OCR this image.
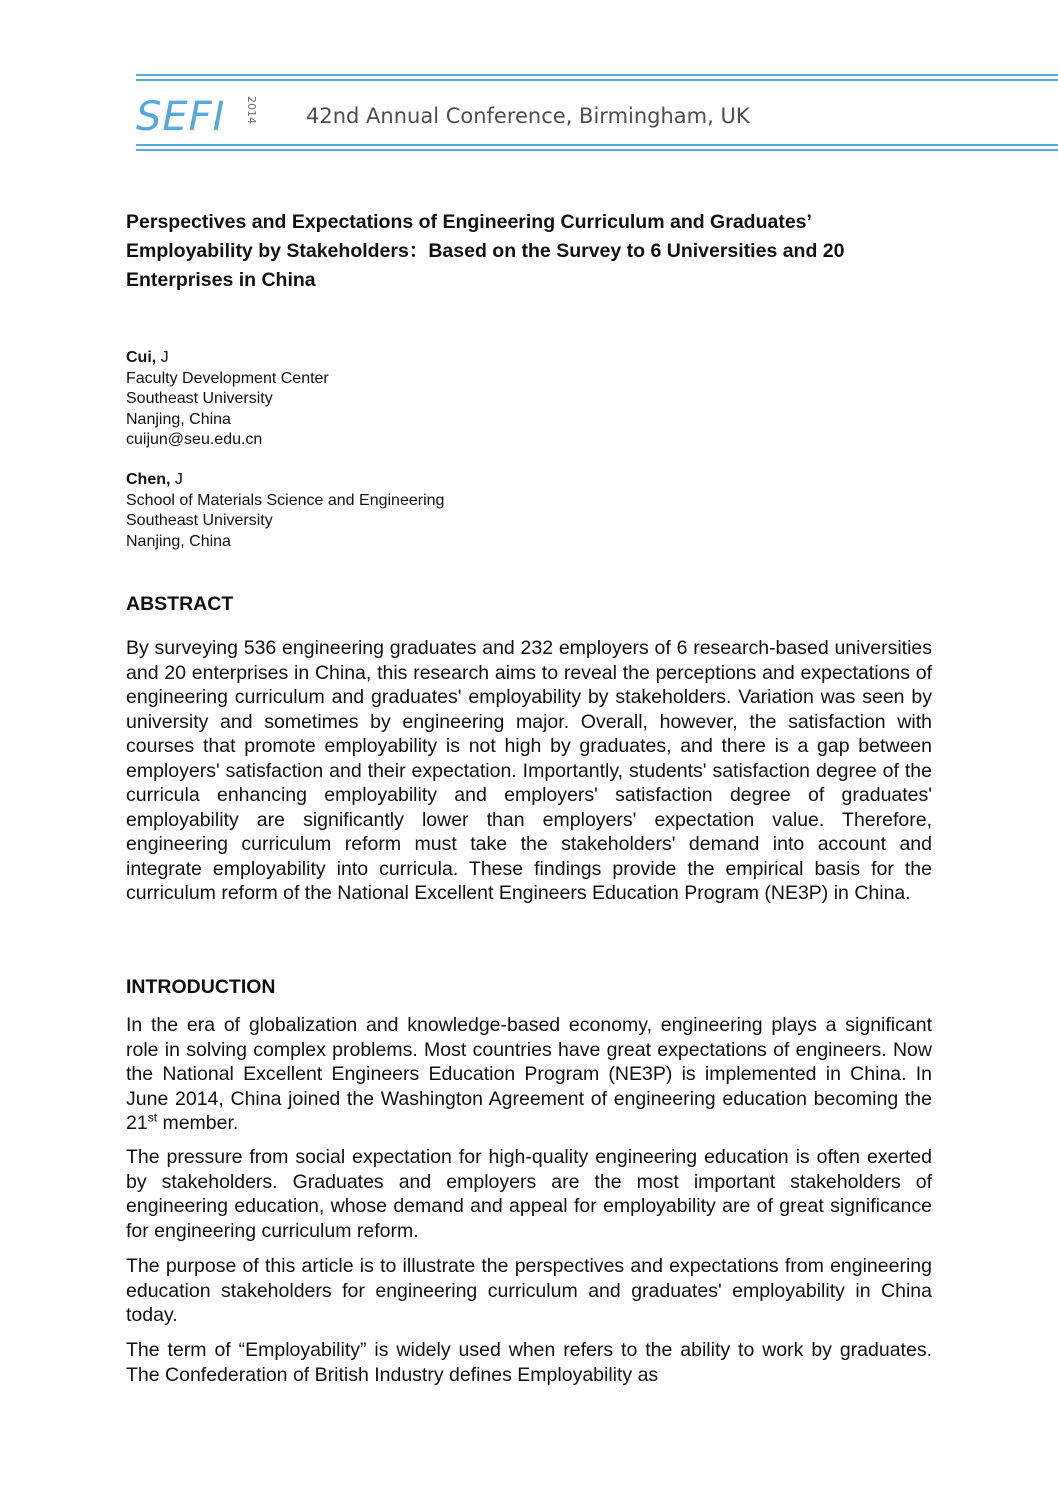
SEFI 2014 42nd Annual Conference, Birmingham, UK
Perspectives and Expectations of Engineering Curriculum and Graduates’
Employability by Stakeholders：Based on the Survey to 6 Universities and 20
Enterprises in China
Cui, J
Faculty Development Center
Southeast University
Nanjing, China
cuijun@seu.edu.cn
Chen, J
School of Materials Science and Engineering
Southeast University
Nanjing, China
ABSTRACT

By surveying 536 engineering graduates and 232 employers of 6 research-based universities and 20 enterprises in China, this research aims to reveal the perceptions and expectations of engineering curriculum and graduates' employability by stakeholders. Variation was seen by university and sometimes by engineering major. Overall, however, the satisfaction with courses that promote employability is not high by graduates, and there is a gap between employers' satisfaction and their expectation. Importantly, students' satisfaction degree of the curricula enhancing employability and employers' satisfaction degree of graduates' employability are significantly lower than employers' expectation value. Therefore, engineering curriculum reform must take the stakeholders' demand into account and integrate employability into curricula. These findings provide the empirical basis for the curriculum reform of the National Excellent Engineers Education Program (NE3P) in China.

INTRODUCTION

In the era of globalization and knowledge-based economy, engineering plays a significant role in solving complex problems. Most countries have great expectations of engineers. Now the National Excellent Engineers Education Program (NE3P) is implemented in China. In June 2014, China joined the Washington Agreement of engineering education becoming the 21st member.

The pressure from social expectation for high-quality engineering education is often exerted by stakeholders. Graduates and employers are the most important stakeholders of engineering education, whose demand and appeal for employability are of great significance for engineering curriculum reform.

The purpose of this article is to illustrate the perspectives and expectations from engineering education stakeholders for engineering curriculum and graduates' employability in China today.

The term of “Employability” is widely used when refers to the ability to work by graduates. The Confederation of British Industry defines Employability as
